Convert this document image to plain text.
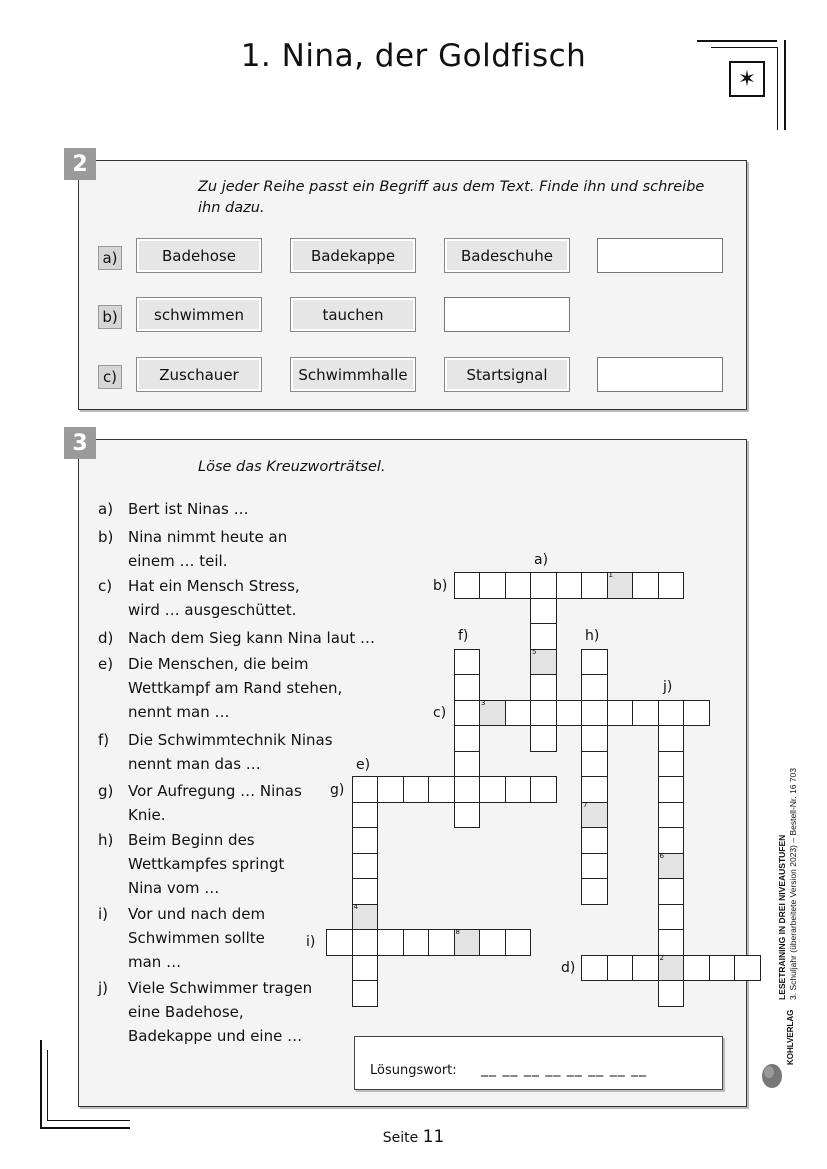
1. Nina, der Goldfisch
✶
2
Zu jeder Reihe passt ein Begriff aus dem Text. Finde ihn und schreibe ihn dazu.
a)	Badehose	Badekappe	Badeschuhe
b)	schwimmen	tauchen
c)	Zuschauer	Schwimmhalle	Startsignal
3
Löse das Kreuzworträtsel.
a) Bert ist Ninas …
b) Nina nimmt heute an einem … teil.
c) Hat ein Mensch Stress, wird … ausgeschüttet.
d) Nach dem Sieg kann Nina laut …
e) Die Menschen, die beim Wettkampf am Rand stehen, nennt man …
f) Die Schwimmtechnik Ninas nennt man das …
g) Vor Aufregung … Ninas Knie.
h) Beim Beginn des Wettkampfes springt Nina vom …
i) Vor und nach dem Schwimmen sollte man …
j) Viele Schwimmer tragen eine Badehose, Badekappe und eine …
1
5
7
3
6
2
4
8
a)
b)
c)
d)
e)
f)
g)
h)
i)
j)
Lösungswort: __ __ __ __ __ __ __ __
LESETRAINING IN DREI NIVEAUSTUFEN 3. Schuljahr (überarbeitete Version 2023) – Bestell-Nr. 16 703
KOHLVERLAG
Seite 11
